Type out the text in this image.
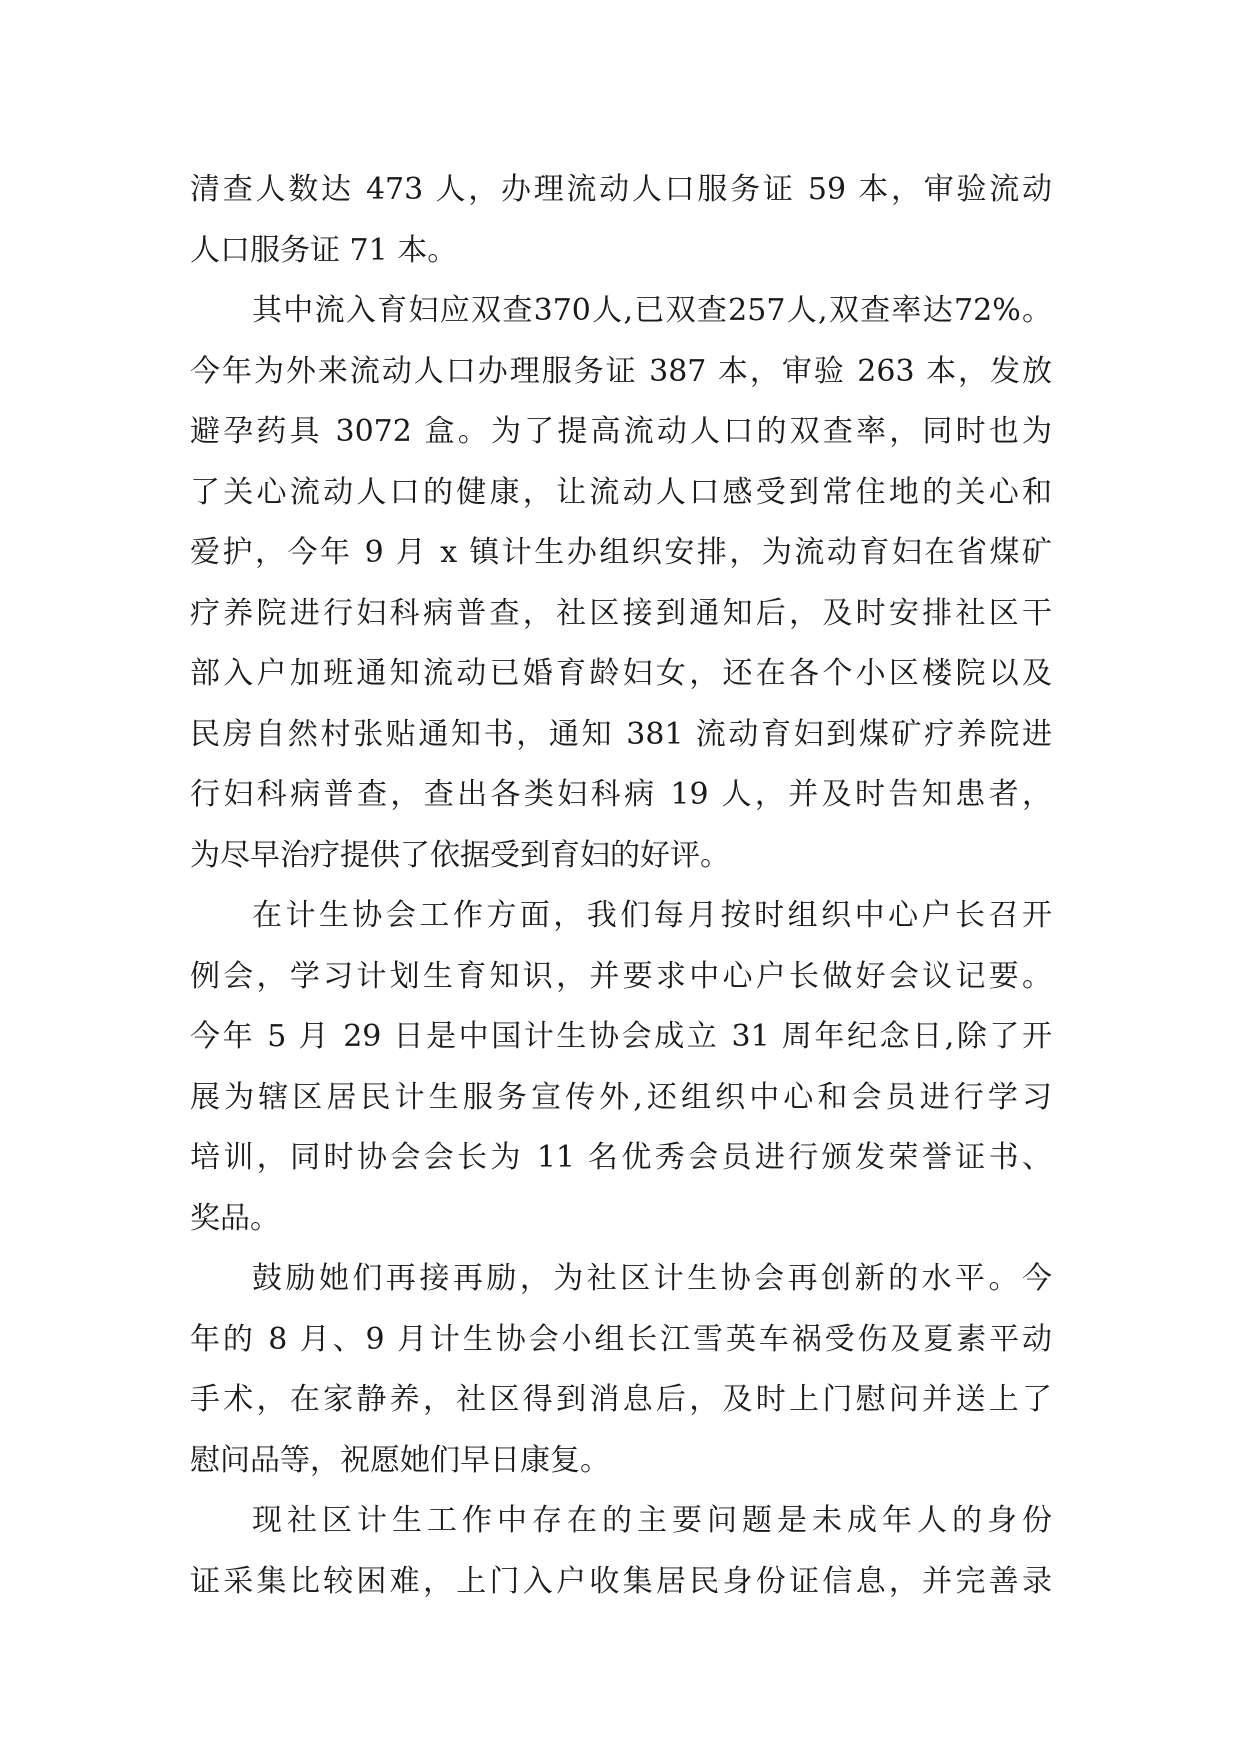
清查人数达 473 人，办理流动人口服务证 59 本，审验流动
人口服务证 71 本。
其中流入育妇应双查370人,已双查257人,双查率达72%。
今年为外来流动人口办理服务证 387 本，审验 263 本，发放
避孕药具 3072 盒。为了提高流动人口的双查率，同时也为
了关心流动人口的健康，让流动人口感受到常住地的关心和
爱护，今年 9 月 x 镇计生办组织安排，为流动育妇在省煤矿
疗养院进行妇科病普查，社区接到通知后，及时安排社区干
部入户加班通知流动已婚育龄妇女，还在各个小区楼院以及
民房自然村张贴通知书，通知 381 流动育妇到煤矿疗养院进
行妇科病普查，查出各类妇科病 19 人，并及时告知患者，
为尽早治疗提供了依据受到育妇的好评。
在计生协会工作方面，我们每月按时组织中心户长召开
例会，学习计划生育知识，并要求中心户长做好会议记要。
今年 5 月 29 日是中国计生协会成立 31 周年纪念日,除了开
展为辖区居民计生服务宣传外,还组织中心和会员进行学习
培训，同时协会会长为 11 名优秀会员进行颁发荣誉证书、
奖品。
鼓励她们再接再励，为社区计生协会再创新的水平。今
年的 8 月、9 月计生协会小组长江雪英车祸受伤及夏素平动
手术，在家静养，社区得到消息后，及时上门慰问并送上了
慰问品等，祝愿她们早日康复。
现社区计生工作中存在的主要问题是未成年人的身份
证采集比较困难，上门入户收集居民身份证信息，并完善录
